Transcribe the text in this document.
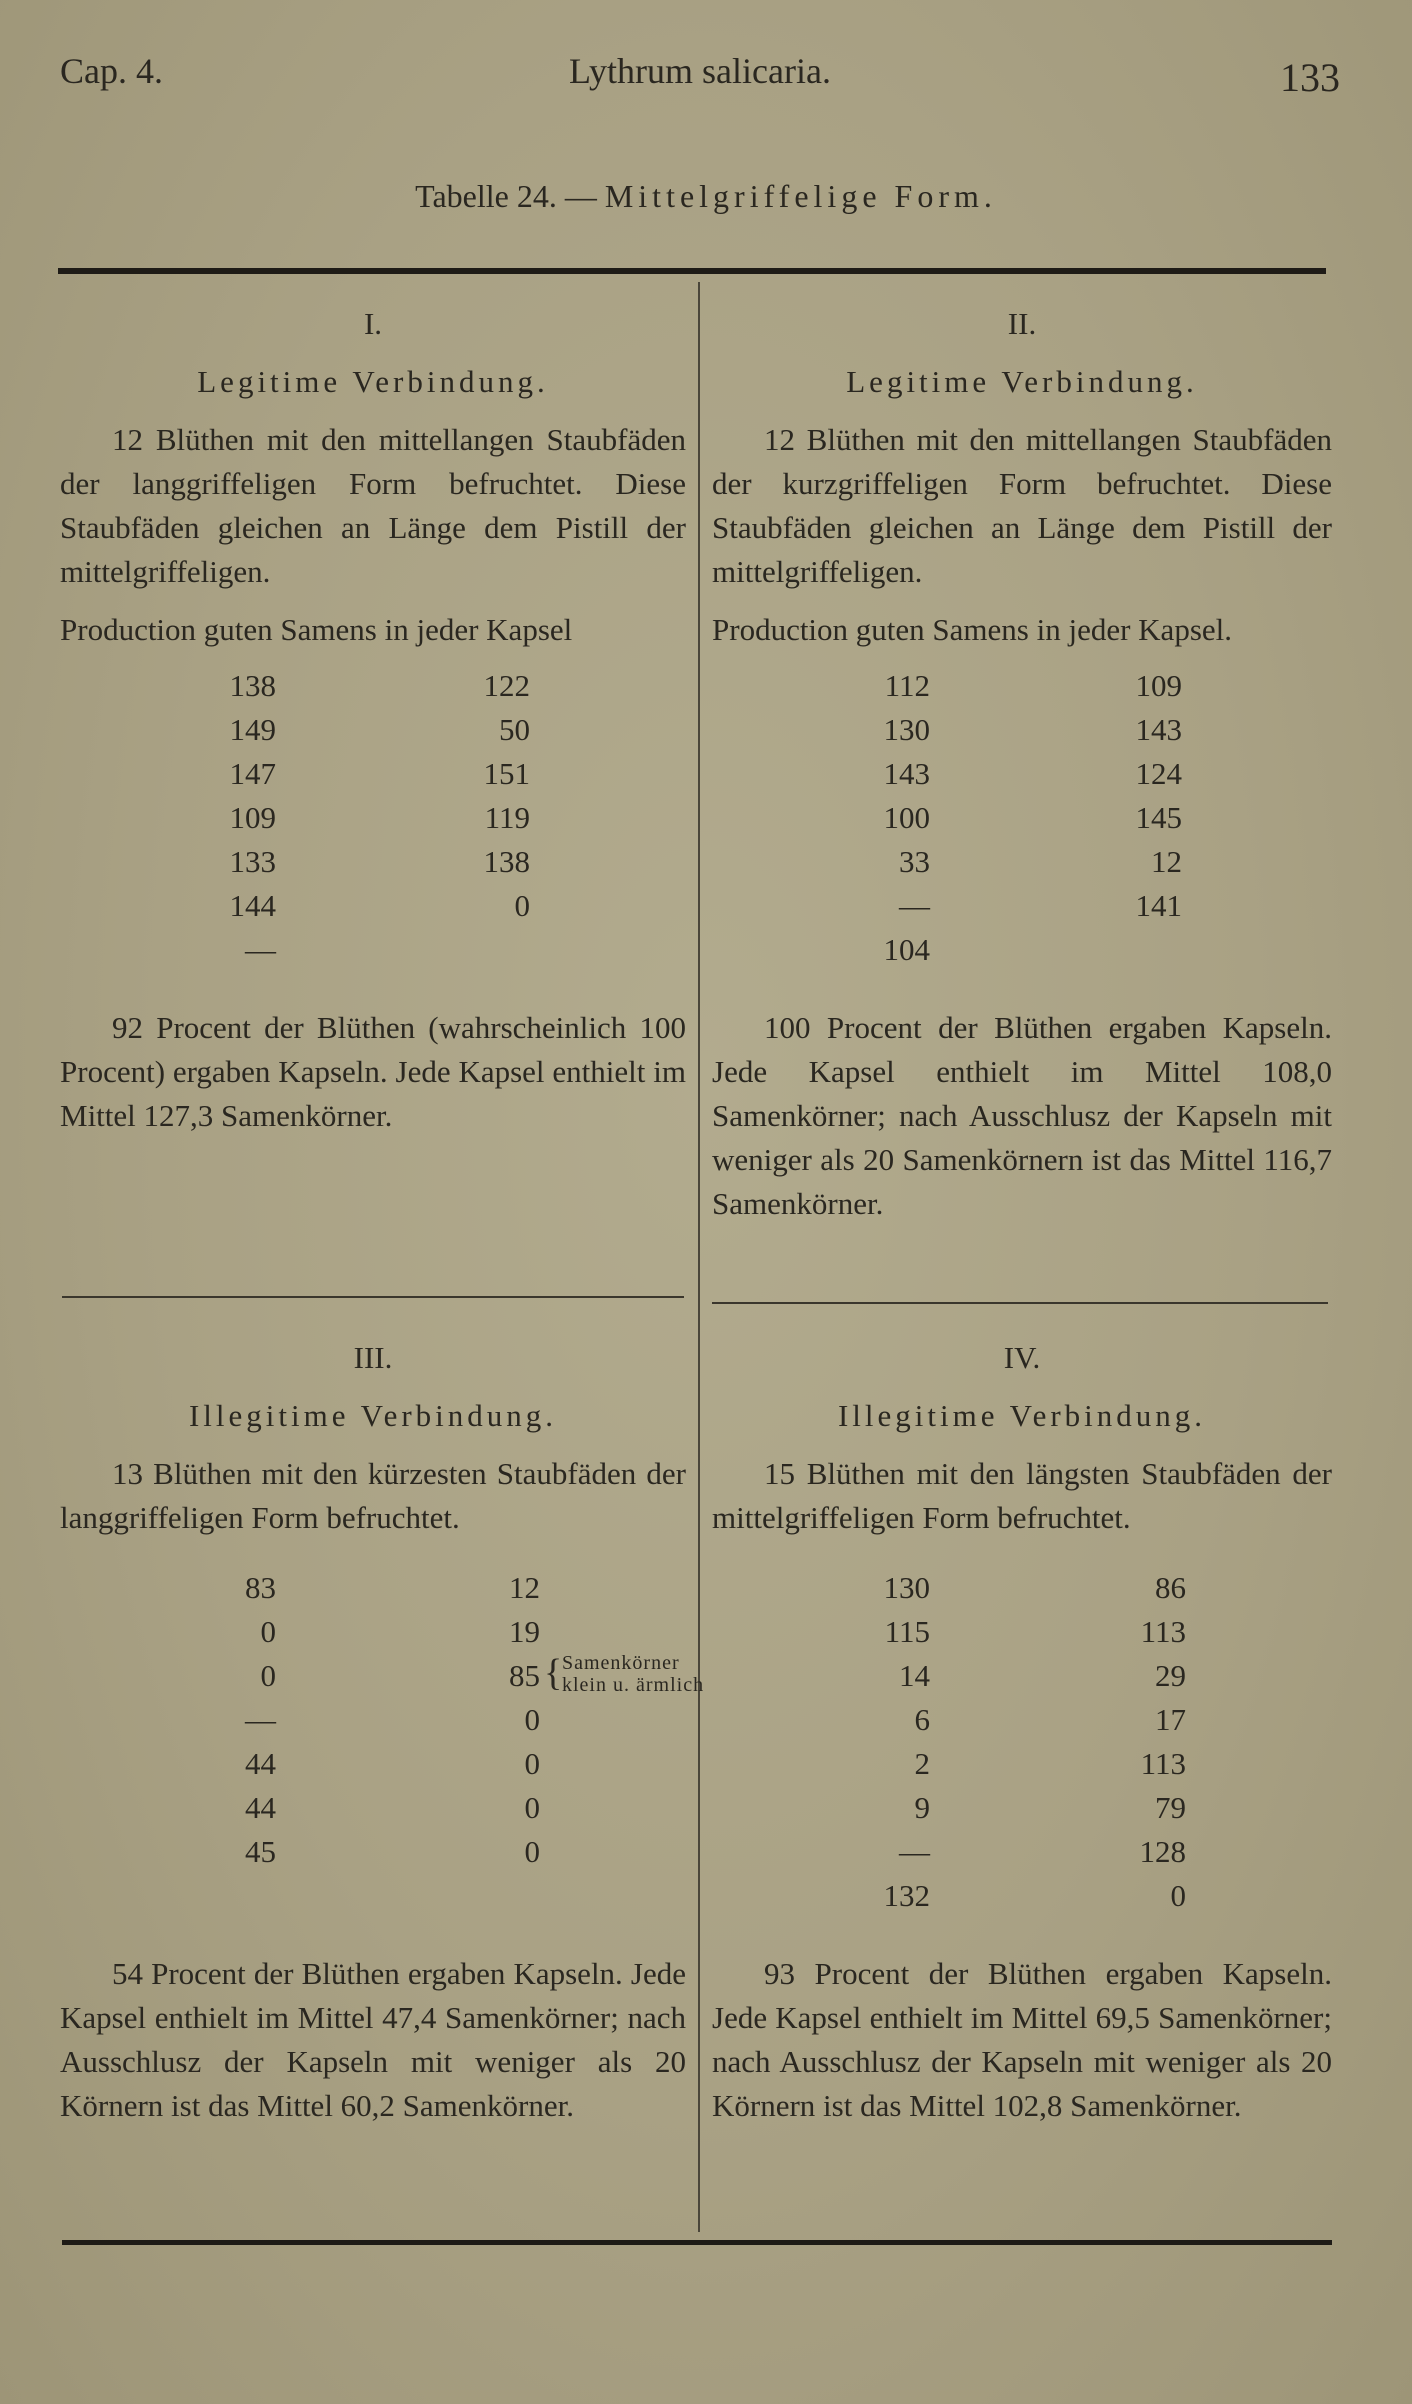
Cap. 4.	Lythrum salicaria.	133
Tabelle 24. — Mittelgriffelige Form.
I.
Legitime Verbindung.
12 Blüthen mit den mittellangen Staubfäden der langgriffeligen Form befruchtet. Diese Staubfäden gleichen an Länge dem Pistill der mittelgriffeligen.
Production guten Samens in jeder Kapsel
138	122
149	50
147	151
109	119
133	138
144	0
—
92 Procent der Blüthen (wahrscheinlich 100 Procent) ergaben Kapseln. Jede Kapsel enthielt im Mittel 127,3 Samenkörner.
II.
Legitime Verbindung.
12 Blüthen mit den mittellangen Staubfäden der kurzgriffeligen Form befruchtet. Diese Staubfäden gleichen an Länge dem Pistill der mittelgriffeligen.
Production guten Samens in jeder Kapsel.
112	109
130	143
143	124
100	145
33	12
—	141
104
100 Procent der Blüthen ergaben Kapseln. Jede Kapsel enthielt im Mittel 108,0 Samenkörner; nach Ausschlusz der Kapseln mit weniger als 20 Samenkörnern ist das Mittel 116,7 Samenkörner.
III.
Illegitime Verbindung.
13 Blüthen mit den kürzesten Staubfäden der langgriffeligen Form befruchtet.
83	12
0	19
0	85 {
Samenkörner
klein u. ärmlich
—	0
44	0
44	0
45	0
54 Procent der Blüthen ergaben Kapseln. Jede Kapsel enthielt im Mittel 47,4 Samenkörner; nach Ausschlusz der Kapseln mit weniger als 20 Körnern ist das Mittel 60,2 Samenkörner.
IV.
Illegitime Verbindung.
15 Blüthen mit den längsten Staubfäden der mittelgriffeligen Form befruchtet.
130	86
115	113
14	29
6	17
2	113
9	79
—	128
132	0
93 Procent der Blüthen ergaben Kapseln. Jede Kapsel enthielt im Mittel 69,5 Samenkörner; nach Ausschlusz der Kapseln mit weniger als 20 Körnern ist das Mittel 102,8 Samenkörner.
